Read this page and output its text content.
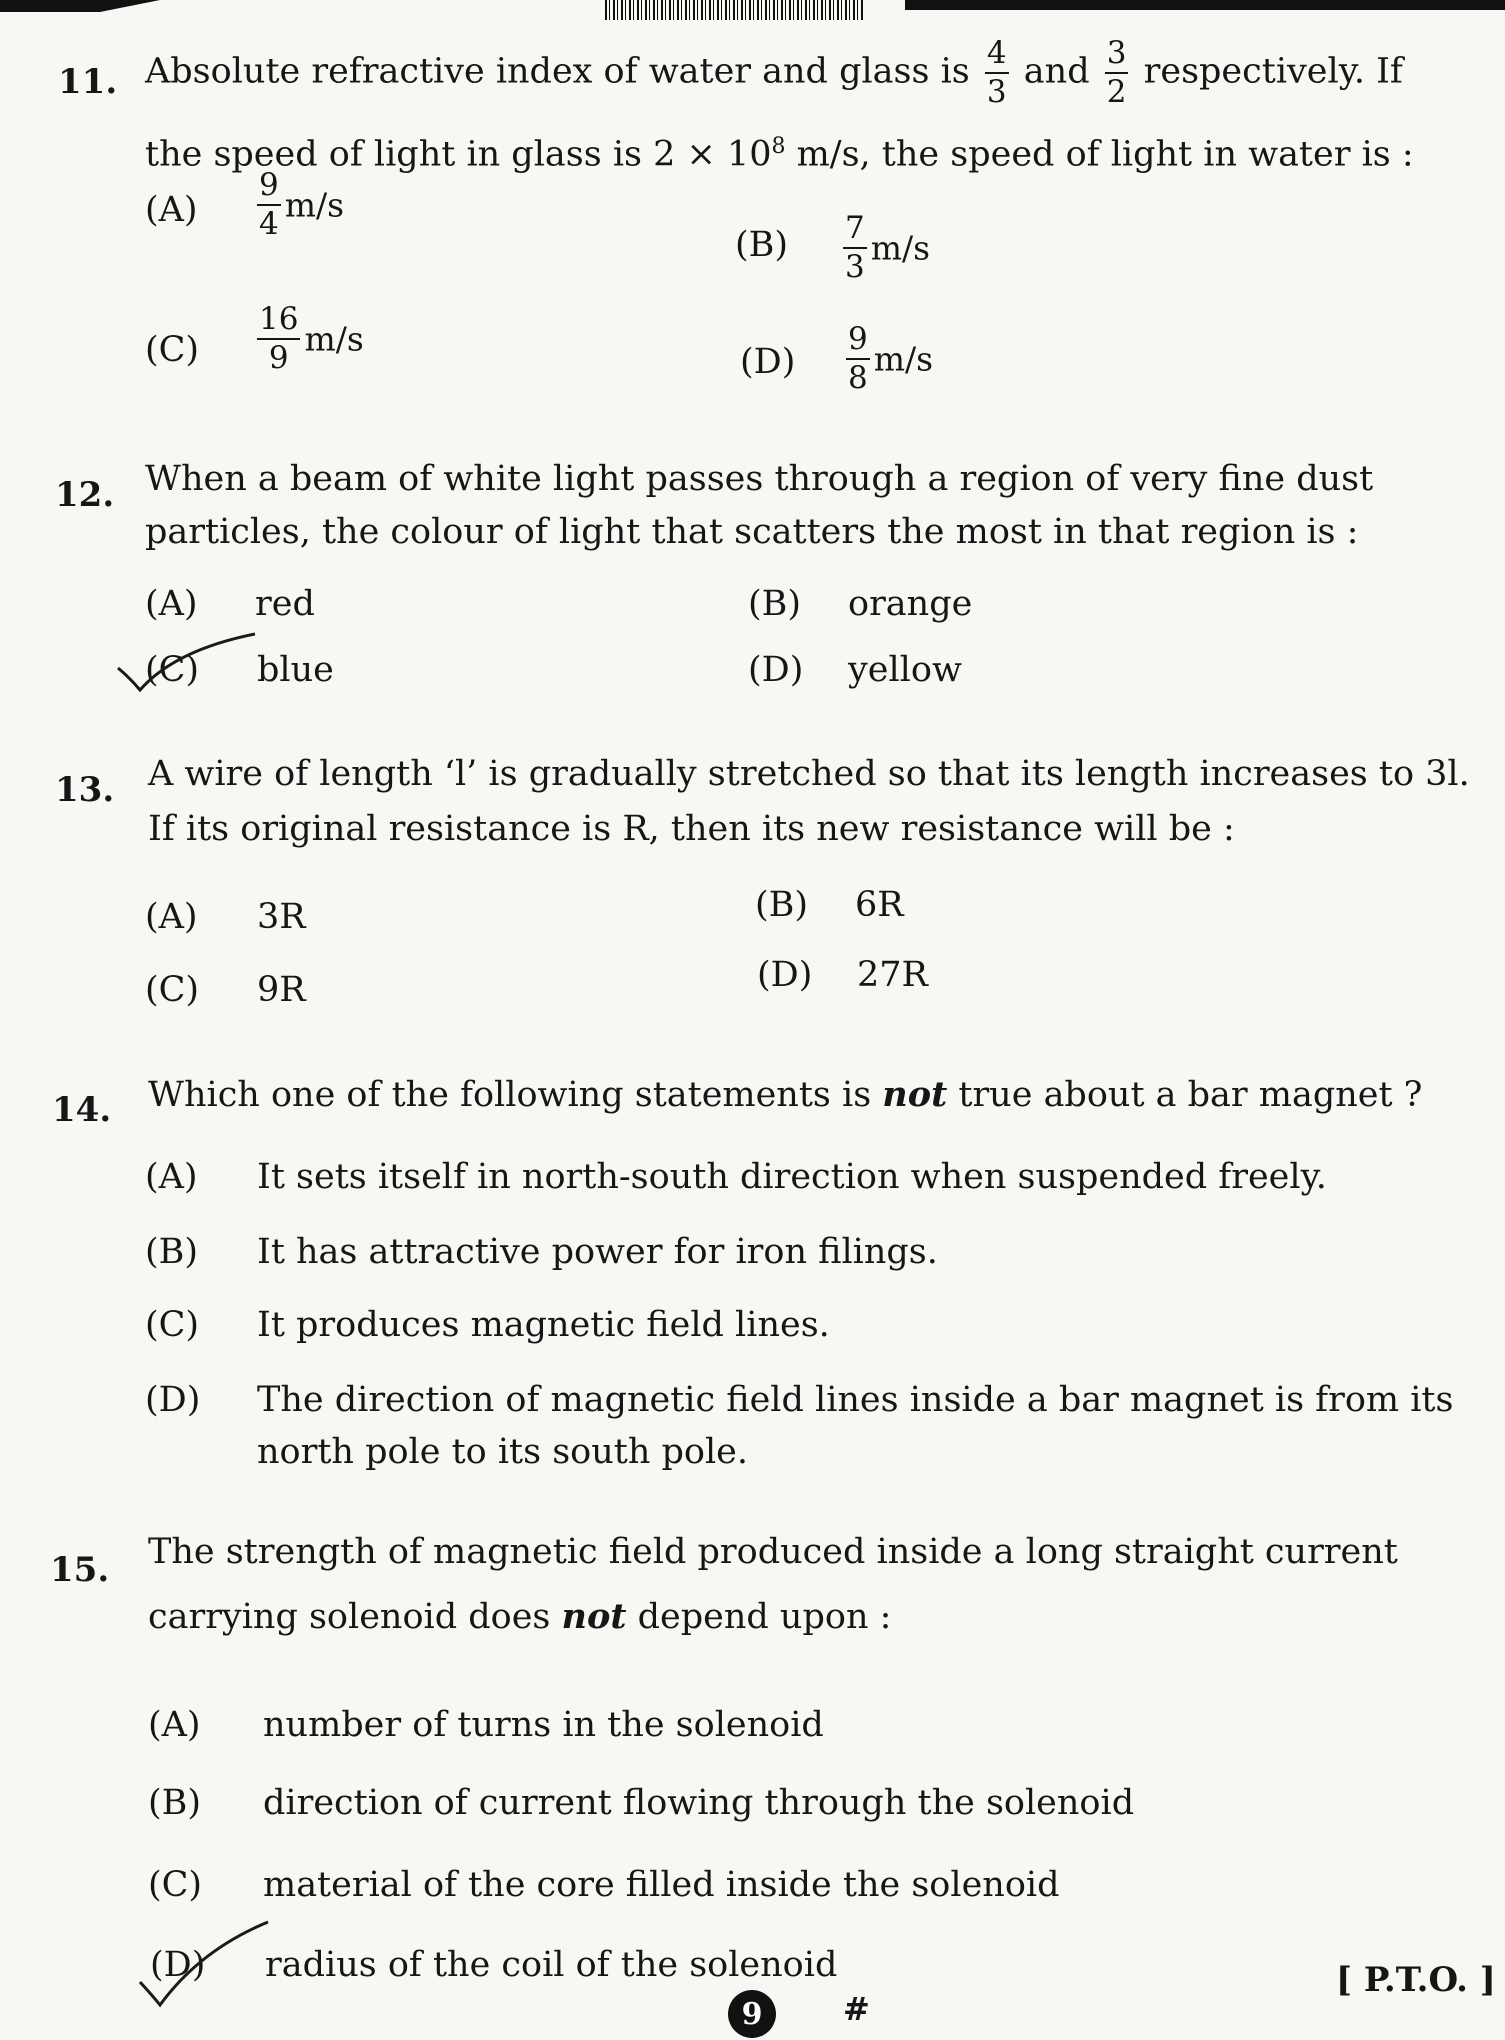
11. Absolute refractive index of water and glass is $\frac{4}{3}$ and $\frac{3}{2}$ respectively. If
the speed of light in glass is $2 \times 10^8$ m/s, the speed of light in water is :
$(A) \frac{9}{4} m/s$
$(B) \frac{7}{3} m/s$
$(C) \frac{16}{9} m/s$
$(D) \frac{9}{8} m/s$
12. When a beam of white light passes through a region of very fine dust
particles, the colour of light that scatters the most in that region is :
(A) red	(B) orange
(C) blue	(D) yellow
13. A wire of length ‘l’ is gradually stretched so that its length increases to 3l.
If its original resistance is R, then its new resistance will be :
(A) 3R	(B) 6R
(C) 9R	(D) 27R
14. Which one of the following statements is not true about a bar magnet ?
(A) It sets itself in north-south direction when suspended freely.
(B) It has attractive power for iron filings.
(C) It produces magnetic field lines.
(D) The direction of magnetic field lines inside a bar magnet is from its
north pole to its south pole.
15. The strength of magnetic field produced inside a long straight current
carrying solenoid does not depend upon :
(A) number of turns in the solenoid
(B) direction of current flowing through the solenoid
(C) material of the core filled inside the solenoid
(D) radius of the coil of the solenoid
9	#
[ P.T.O. ]
